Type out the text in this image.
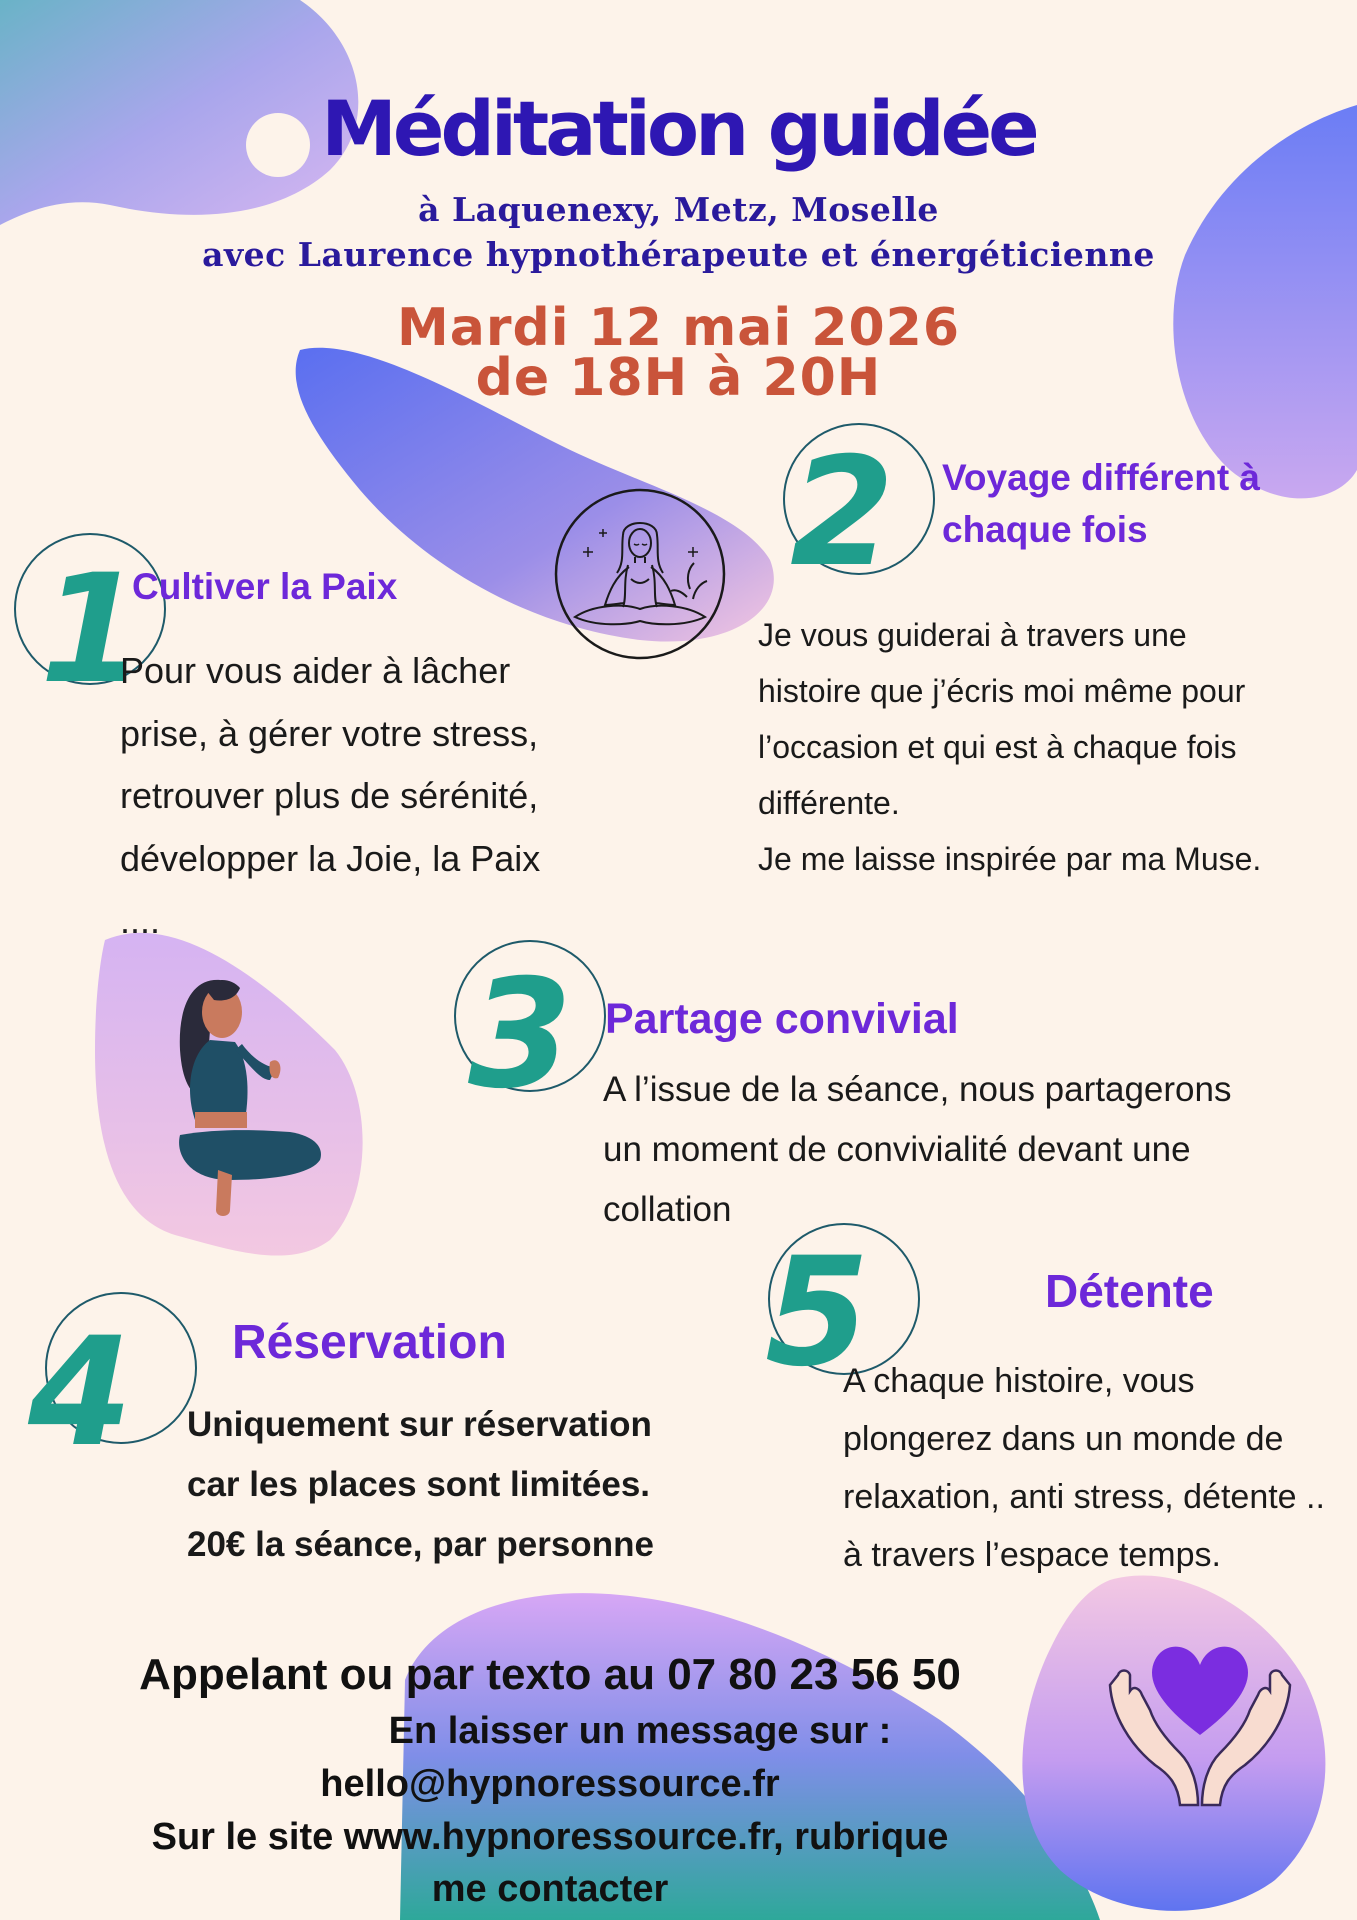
Méditation guidée
à Laquenexy, Metz, Moselle
avec Laurence hypnothérapeute et énergéticienne
Mardi 12 mai 2026
de 18H à 20H
1
Cultiver la Paix
Pour vous aider à lâcher
prise, à gérer votre stress,
retrouver plus de sérénité,
développer la Joie, la Paix
....
2 Voyage différent à
chaque fois
Je vous guiderai à travers une
histoire que j’écris moi même pour
l’occasion et qui est à chaque fois
différente.
Je me laisse inspirée par ma Muse.
3 Partage convivial
A l’issue de la séance, nous partagerons
un moment de convivialité devant une
collation
4 Réservation
Uniquement sur réservation
car les places sont limitées.
20€ la séance, par personne
5	Détente
A chaque histoire, vous
plongerez dans un monde de
relaxation, anti stress, détente ..
à travers l’espace temps.
Appelant ou par texto au 07 80 23 56 50
En laisser un message sur :
hello@hypnoressource.fr
Sur le site www.hypnoressource.fr, rubrique
me contacter
